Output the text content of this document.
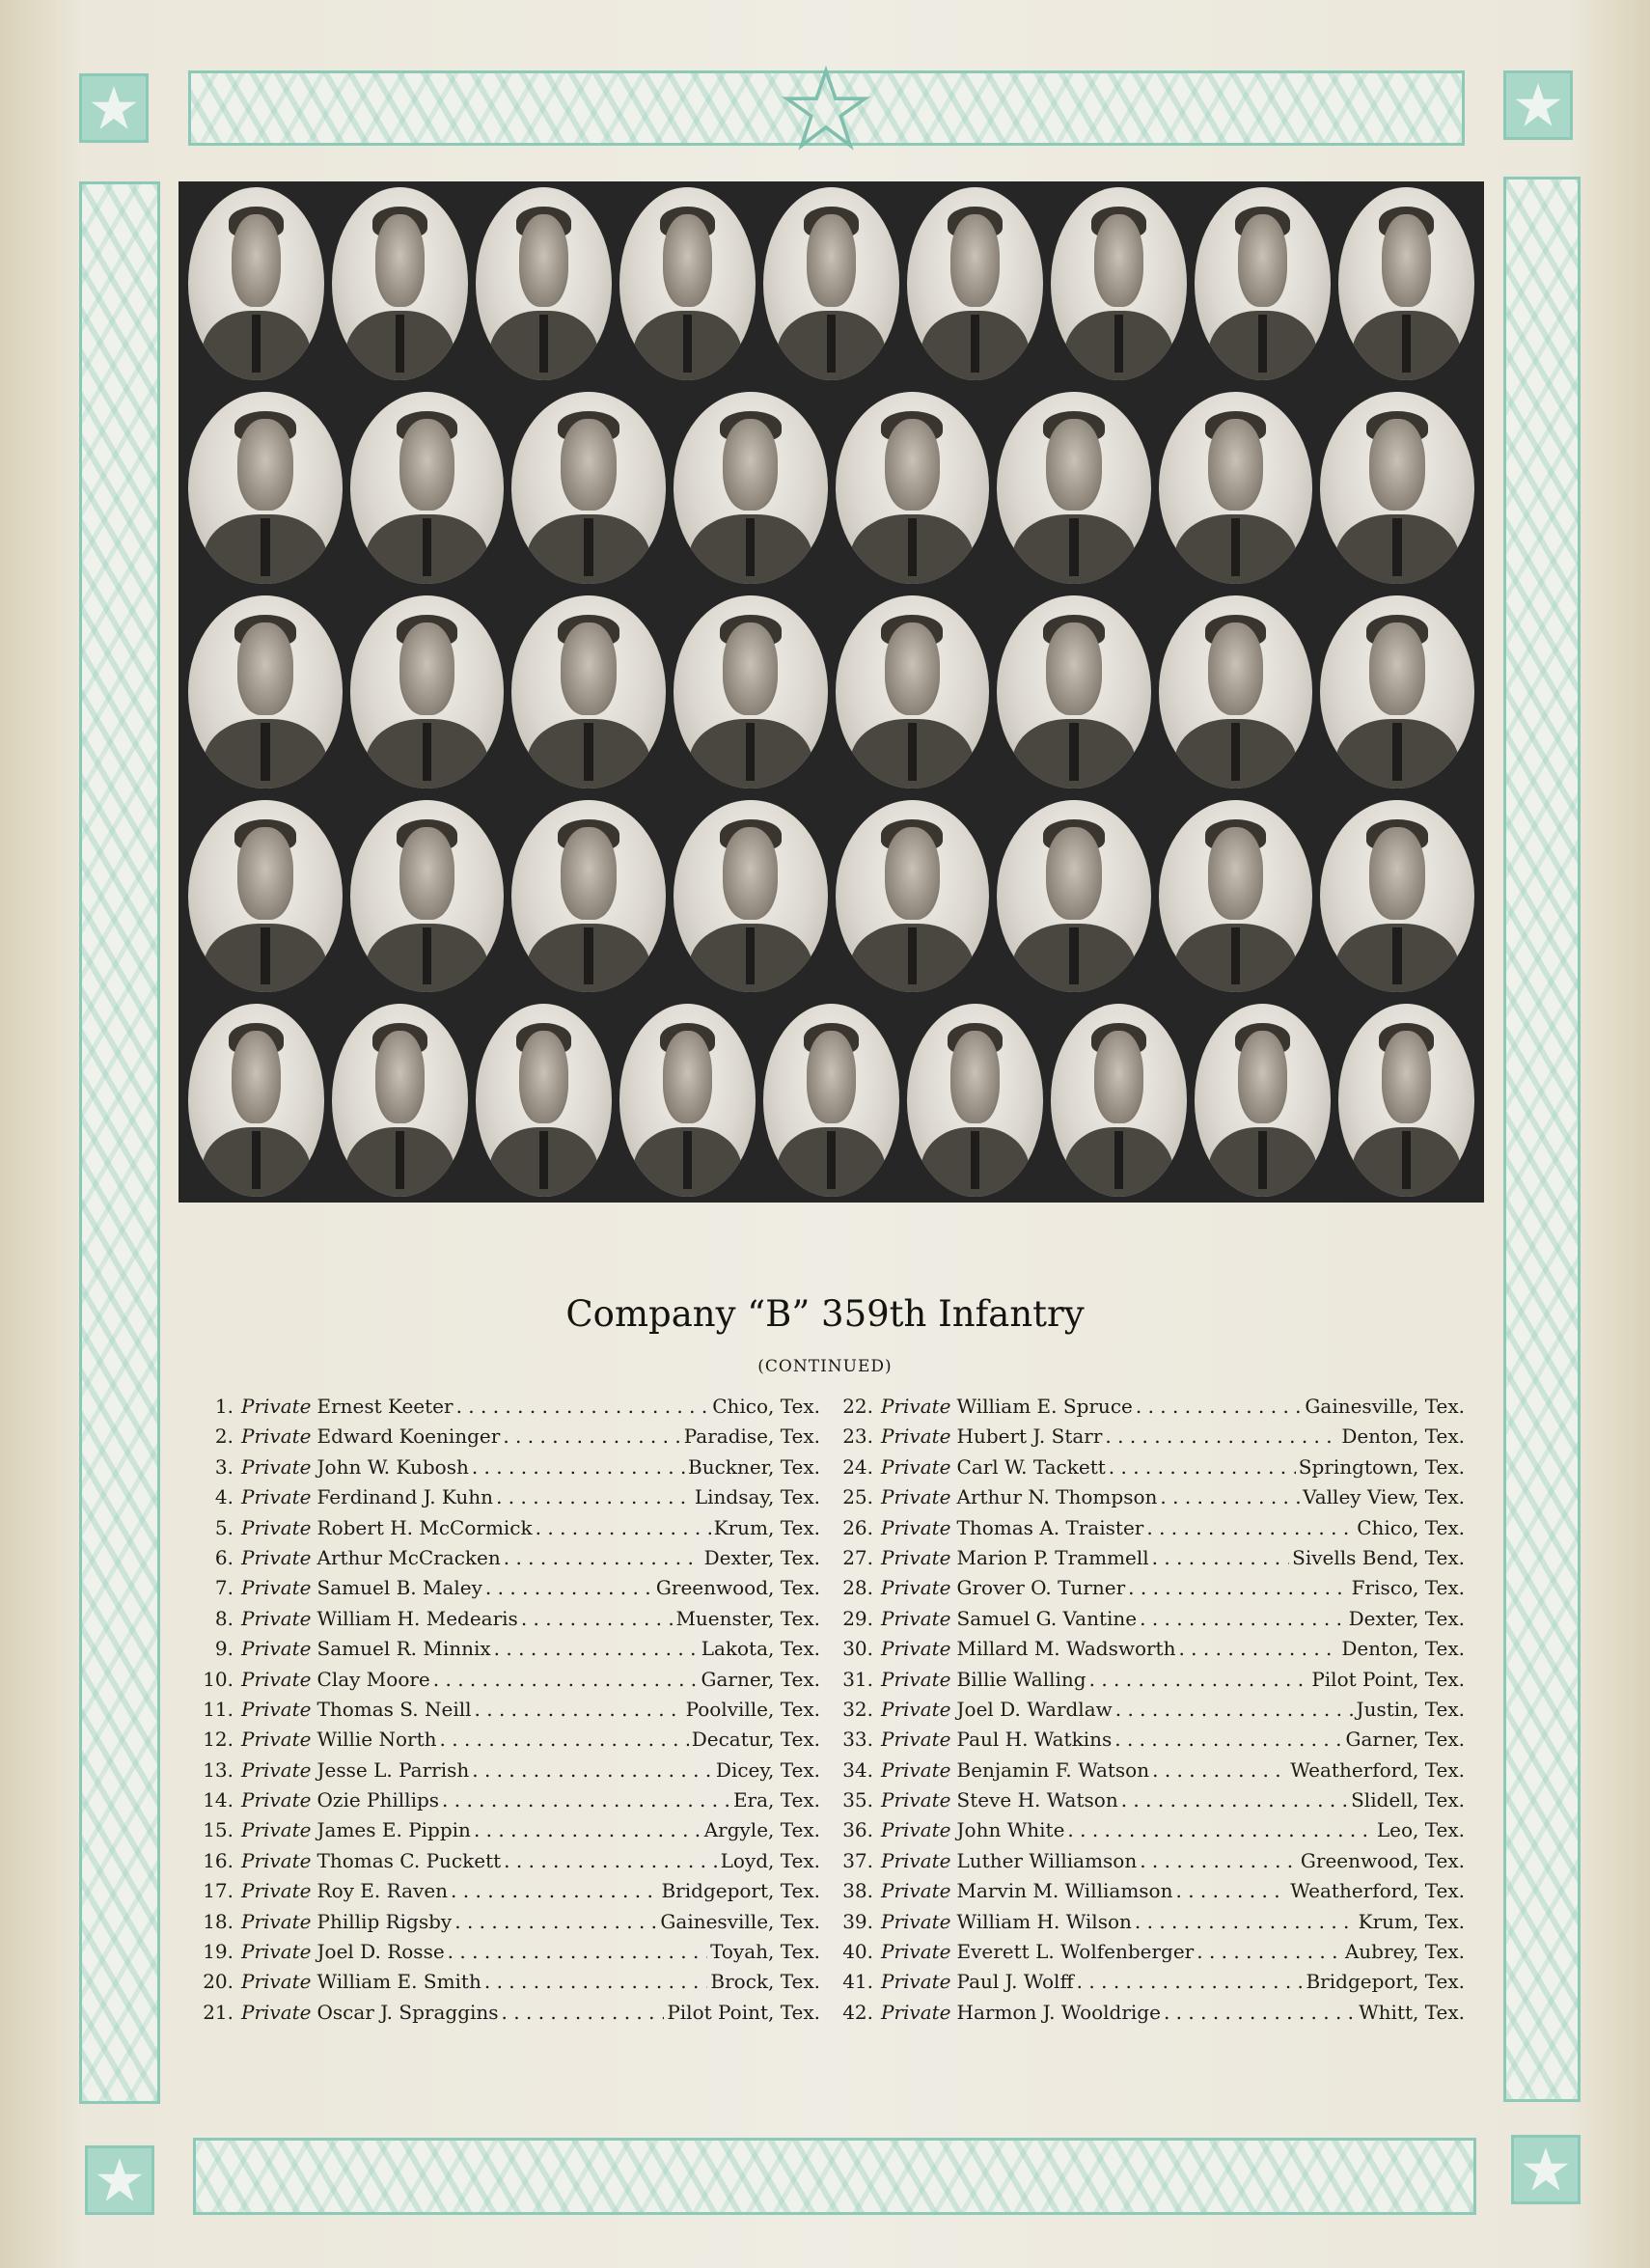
Company “B” 359th Infantry
(CONTINUED)
1. Private Ernest Keeter . . .	Chico, Tex.
2. Private Edward Koeninger . . .	Paradise, Tex.
3. Private John W. Kubosh . . .	Buckner, Tex.
4. Private Ferdinand J. Kuhn . . .	Lindsay, Tex.
5. Private Robert H. McCormick . . .	Krum, Tex.
6. Private Arthur McCracken . . .	Dexter, Tex.
7. Private Samuel B. Maley . . .	Greenwood, Tex.
8. Private William H. Medearis . . .	Muenster, Tex.
9. Private Samuel R. Minnix . . .	Lakota, Tex.
10. Private Clay Moore . . .	Garner, Tex.
11. Private Thomas S. Neill . . .	Poolville, Tex.
12. Private Willie North . . .	Decatur, Tex.
13. Private Jesse L. Parrish . . .	Dicey, Tex.
14. Private Ozie Phillips . . .	Era, Tex.
15. Private James E. Pippin . . .	Argyle, Tex.
16. Private Thomas C. Puckett . . .	Loyd, Tex.
17. Private Roy E. Raven . . .	Bridgeport, Tex.
18. Private Phillip Rigsby . . .	Gainesville, Tex.
19. Private Joel D. Rosse . . .	Toyah, Tex.
20. Private William E. Smith . . .	Brock, Tex.
21. Private Oscar J. Spraggins . . .	Pilot Point, Tex.
22. Private William E. Spruce . . .	Gainesville, Tex.
23. Private Hubert J. Starr . . .	Denton, Tex.
24. Private Carl W. Tackett . . .	Springtown, Tex.
25. Private Arthur N. Thompson . . .	Valley View, Tex.
26. Private Thomas A. Traister . . .	Chico, Tex.
27. Private Marion P. Trammell . . .	Sivells Bend, Tex.
28. Private Grover O. Turner . . .	Frisco, Tex.
29. Private Samuel G. Vantine . . .	Dexter, Tex.
30. Private Millard M. Wadsworth . . .	Denton, Tex.
31. Private Billie Walling . . .	Pilot Point, Tex.
32. Private Joel D. Wardlaw . . .	Justin, Tex.
33. Private Paul H. Watkins . . .	Garner, Tex.
34. Private Benjamin F. Watson . . .	Weatherford, Tex.
35. Private Steve H. Watson . . .	Slidell, Tex.
36. Private John White . . .	Leo, Tex.
37. Private Luther Williamson . . .	Greenwood, Tex.
38. Private Marvin M. Williamson . . .	Weatherford, Tex.
39. Private William H. Wilson . . .	Krum, Tex.
40. Private Everett L. Wolfenberger . . .	Aubrey, Tex.
41. Private Paul J. Wolff . . .	Bridgeport, Tex.
42. Private Harmon J. Wooldrige . . .	Whitt, Tex.
